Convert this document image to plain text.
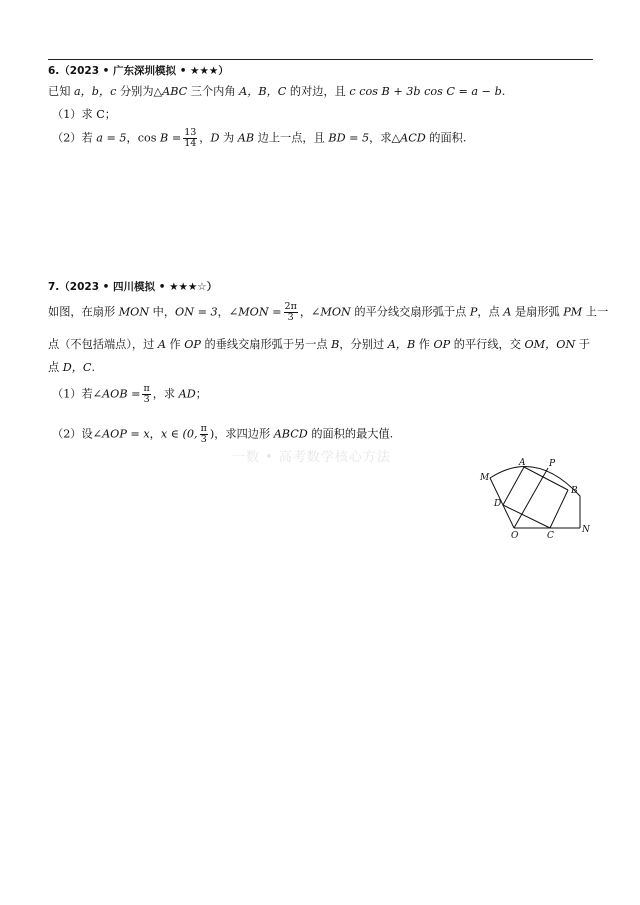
6.（2023 • 广东深圳模拟 • ★★★）
已知 a，b，c 分别为△ABC 三个内角 A，B，C 的对边，且 c cos B + 3b cos C = a − b.
（1）求 C；
（2）若 a = 5，$\cos B = \frac{13}{14}$ ，D 为 AB 边上一点，且 BD = 5，求△ACD 的面积.
7.（2023 • 四川模拟 • ★★★☆）
如图，在扇形 MON 中，ON = 3，∠MON = $\frac{2\pi}{3}$ ，∠MON 的平分线交扇形弧于点 P，点 A 是扇形弧 PM 上一
点（不包括端点），过 A 作 OP 的垂线交扇形弧于另一点 B，分别过 A，B 作 OP 的平行线，交 OM，ON 于
点 D，C.
（1）若∠AOB = $\frac{\pi}{3}$ ，求 AD；
（2）设∠AOP = x，x ∈ (0, $\frac{\pi}{3}$ )，求四边形 ABCD 的面积的最大值.
一数 • 高考数学核心方法
M
A	P
B
D
O	C
N
